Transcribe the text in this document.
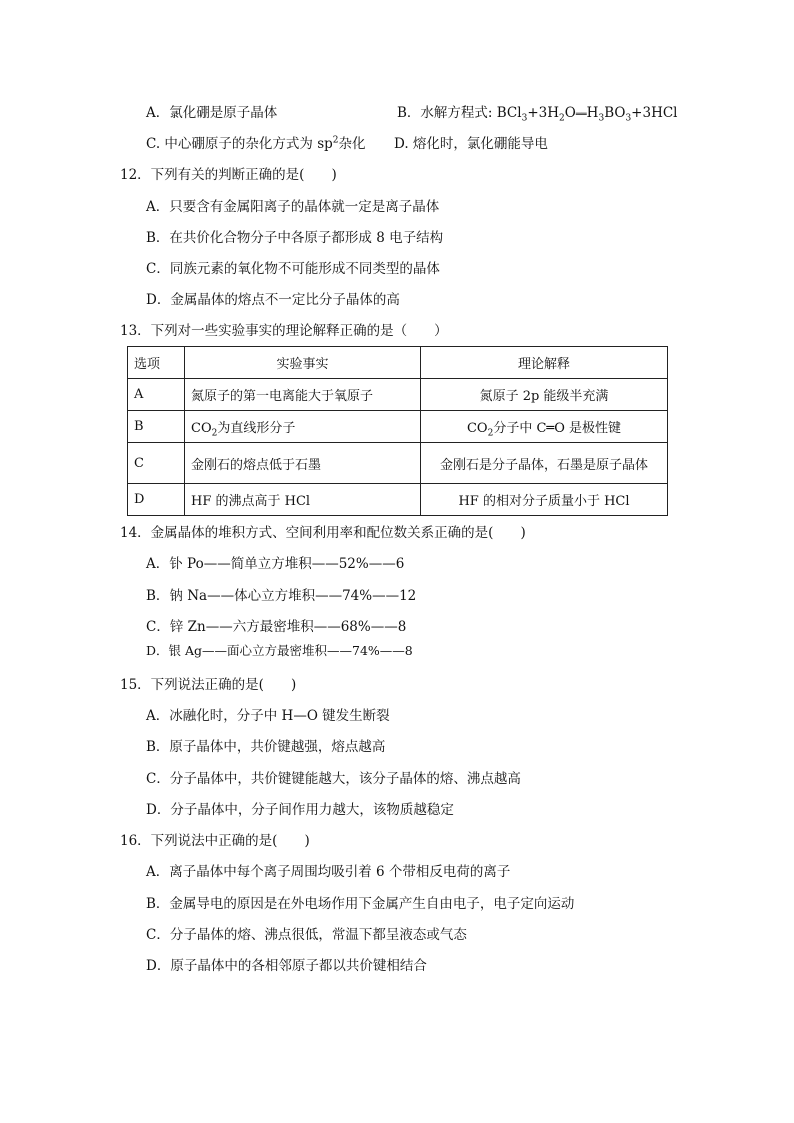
A．氯化硼是原子晶体	B．水解方程式: $BCl_3+3H_2O══H_3BO_3+3HCl$
C. 中心硼原子的杂化方式为 $sp^2$杂化 D. 熔化时，氯化硼能导电
12．下列有关的判断正确的是(　　)
A．只要含有金属阳离子的晶体就一定是离子晶体
B．在共价化合物分子中各原子都形成 8 电子结构
C．同族元素的氧化物不可能形成不同类型的晶体
D．金属晶体的熔点不一定比分子晶体的高
13．下列对一些实验事实的理论解释正确的是（　　）
选项	实验事实	理论解释
A	氮原子的第一电离能大于氧原子	氮原子 2p 能级半充满
B	$CO_2$为直线形分子	$CO_2$分子中 C═O 是极性键
C	金刚石的熔点低于石墨	金刚石是分子晶体，石墨是原子晶体
D	HF 的沸点高于 HCl	HF 的相对分子质量小于 HCl
14．金属晶体的堆积方式、空间利用率和配位数关系正确的是(　　)
A．钋 Po——简单立方堆积——52%——6
B．钠 Na——体心立方堆积——74%——12
C．锌 Zn——六方最密堆积——68%——8
D．银 Ag——面心立方最密堆积——74%——8
15．下列说法正确的是(　　)
A．冰融化时，分子中 H—O 键发生断裂
B．原子晶体中，共价键越强，熔点越高
C．分子晶体中，共价键键能越大，该分子晶体的熔、沸点越高
D．分子晶体中，分子间作用力越大，该物质越稳定
16．下列说法中正确的是(　　)
A．离子晶体中每个离子周围均吸引着 6 个带相反电荷的离子
B．金属导电的原因是在外电场作用下金属产生自由电子，电子定向运动
C．分子晶体的熔、沸点很低，常温下都呈液态或气态
D．原子晶体中的各相邻原子都以共价键相结合
